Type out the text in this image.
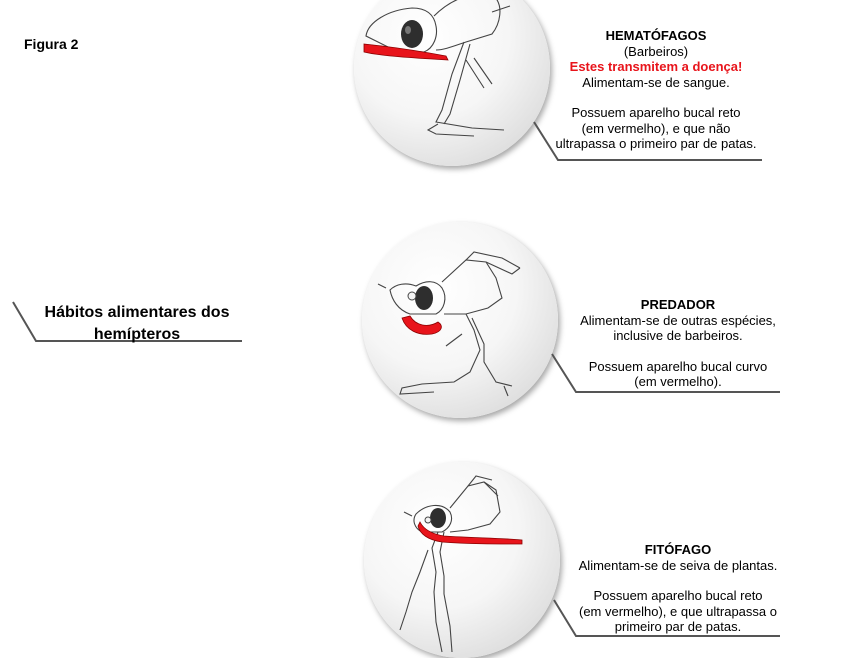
Figura 2
Hábitos alimentares dos hemípteros
HEMATÓFAGOS
(Barbeiros)
Estes transmitem a doença!
Alimentam-se de sangue.
Possuem aparelho bucal reto
(em vermelho), e que não
ultrapassa o primeiro par de patas.
PREDADOR
Alimentam-se de outras espécies,
inclusive de barbeiros.
Possuem aparelho bucal curvo
(em vermelho).
FITÓFAGO
Alimentam-se de seiva de plantas.
Possuem aparelho bucal reto
(em vermelho), e que ultrapassa o
primeiro par de patas.
